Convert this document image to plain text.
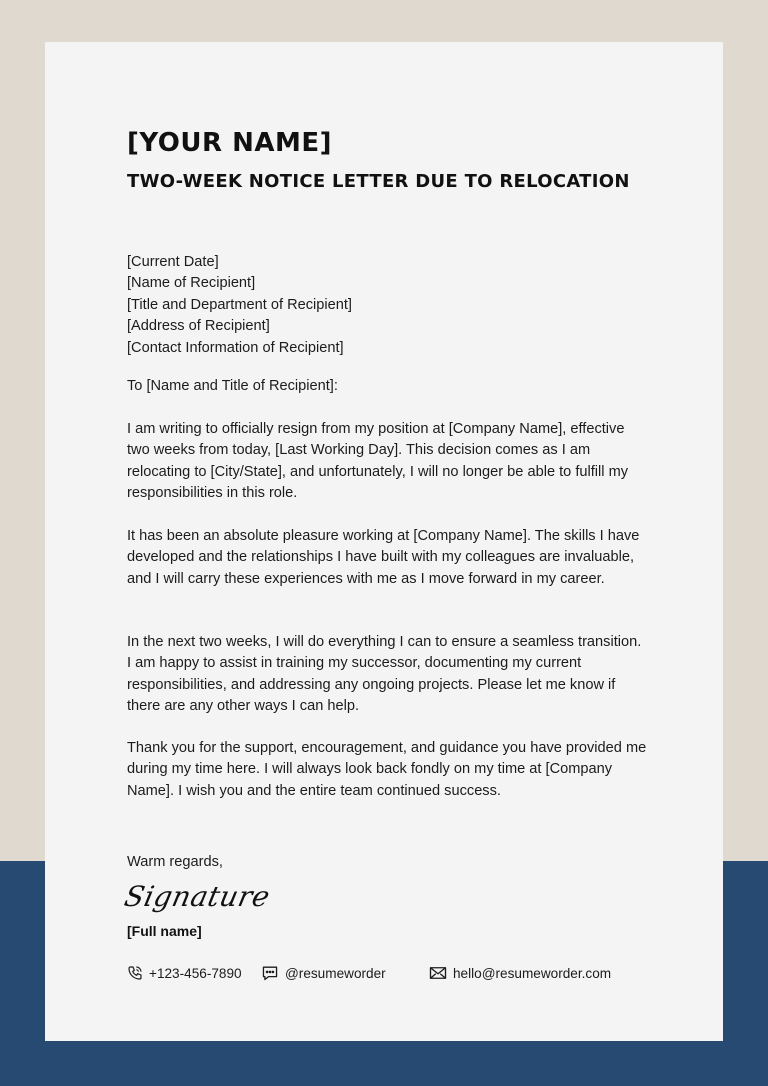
[YOUR NAME]
TWO-WEEK NOTICE LETTER DUE TO RELOCATION
[Current Date]
[Name of Recipient]
[Title and Department of Recipient]
[Address of Recipient]
[Contact Information of Recipient]
To [Name and Title of Recipient]:

I am writing to officially resign from my position at [Company Name], effective two weeks from today, [Last Working Day]. This decision comes as I am relocating to [City/State], and unfortunately, I will no longer be able to fulfill my responsibilities in this role.

It has been an absolute pleasure working at [Company Name]. The skills I have developed and the relationships I have built with my colleagues are invaluable, and I will carry these experiences with me as I move forward in my career.

In the next two weeks, I will do everything I can to ensure a seamless transition. I am happy to assist in training my successor, documenting my current responsibilities, and addressing any ongoing projects. Please let me know if there are any other ways I can help.

Thank you for the support, encouragement, and guidance you have provided me during my time here. I will always look back fondly on my time at [Company Name]. I wish you and the entire team continued success.

Warm regards,
Signature
[Full name]
+123-456-7890	@resumeworder	hello@resumeworder.com
